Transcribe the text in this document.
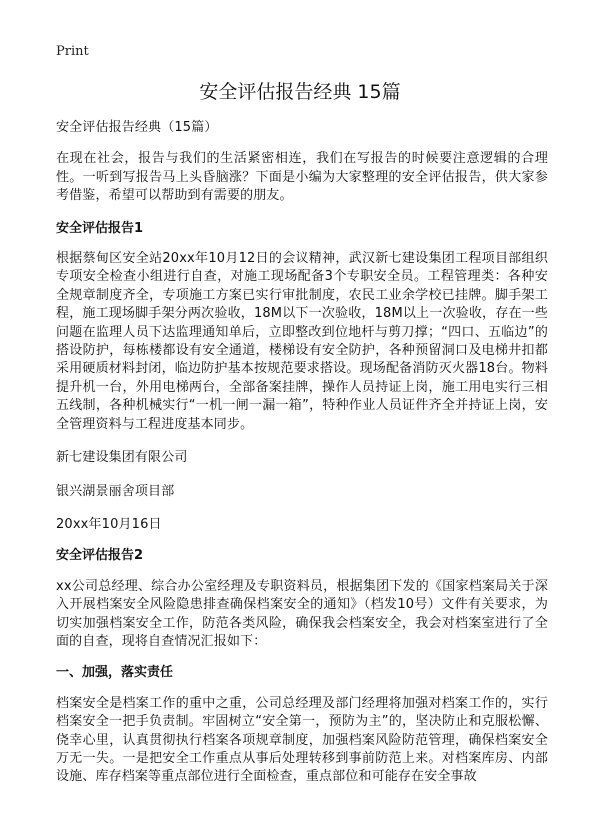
Print
安全评估报告经典 15篇

安全评估报告经典（15篇）

在现在社会，报告与我们的生活紧密相连，我们在写报告的时候要注意逻辑的合理性。一听到写报告马上头昏脑涨？下面是小编为大家整理的安全评估报告，供大家参考借鉴，希望可以帮助到有需要的朋友。

安全评估报告1

根据蔡甸区安全站20xx年10月12日的会议精神，武汉新七建设集团工程项目部组织专项安全检查小组进行自查，对施工现场配备3个专职安全员。工程管理类：各种安全规章制度齐全，专项施工方案已实行审批制度，农民工业余学校已挂牌。脚手架工程，施工现场脚手架分两次验收，18M以下一次验收，18M以上一次验收，存在一些问题在监理人员下达监理通知单后，立即整改到位地杆与剪刀撑；“四口、五临边”的搭设防护，每栋楼都设有安全通道，楼梯设有安全防护，各种预留洞口及电梯井扣都采用硬质材料封闭，临边防护基本按规范要求搭设。现场配备消防灭火器18台。物料提升机一台，外用电梯两台，全部备案挂牌，操作人员持证上岗，施工用电实行三相五线制，各种机械实行“一机一闸一漏一箱”，特种作业人员证件齐全并持证上岗，安全管理资料与工程进度基本同步。

新七建设集团有限公司

银兴湖景丽舍项目部

20xx年10月16日

安全评估报告2

xx公司总经理、综合办公室经理及专职资料员，根据集团下发的《国家档案局关于深入开展档案安全风险隐患排查确保档案安全的通知》（档发10号）文件有关要求，为切实加强档案安全工作，防范各类风险，确保我会档案安全，我会对档案室进行了全面的自查，现将自查情况汇报如下：

一、加强，落实责任

档案安全是档案工作的重中之重，公司总经理及部门经理将加强对档案工作的，实行档案安全一把手负责制。牢固树立“安全第一，预防为主”的，坚决防止和克服松懈、侥幸心里，认真贯彻执行档案各项规章制度，加强档案风险防范管理，确保档案安全万无一失。一是把安全工作重点从事后处理转移到事前防范上来。对档案库房、内部设施、库存档案等重点部位进行全面检查，重点部位和可能存在安全事故
